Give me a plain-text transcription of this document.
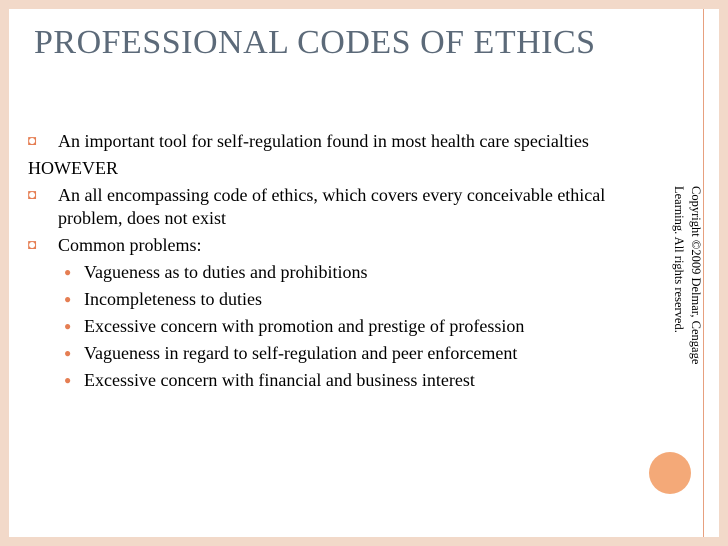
PROFESSIONAL CODES OF ETHICS
◘	An important tool for self-regulation found in most health care specialties
HOWEVER
◘	An all encompassing code of ethics, which covers every conceivable ethical problem, does not exist
◘	Common problems:
● Vagueness as to duties and prohibitions
● Incompleteness to duties
● Excessive concern with promotion and prestige of profession
● Vagueness in regard to self-regulation and peer enforcement
● Excessive concern with financial and business interest
Copyright ©2009 Delmar, Cengage
Learning. All rights reserved.
